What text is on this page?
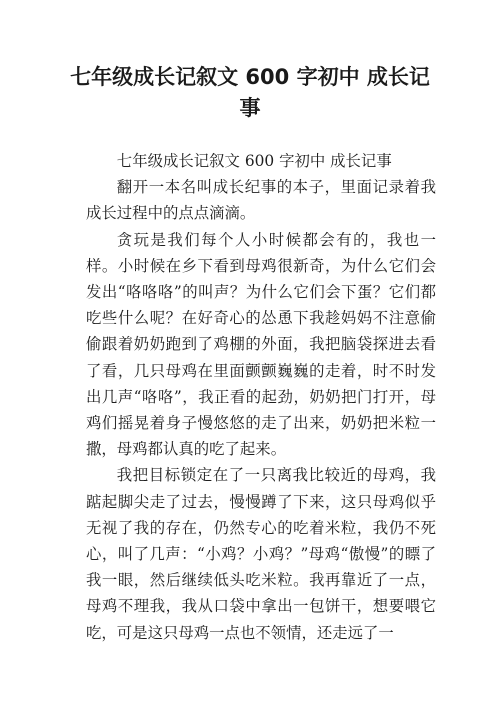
七年级成长记叙文 600 字初中 成长记事

七年级成长记叙文 600 字初中 成长记事

翻开一本名叫成长纪事的本子，里面记录着我成长过程中的点点滴滴。

贪玩是我们每个人小时候都会有的，我也一样。小时候在乡下看到母鸡很新奇，为什么它们会发出“咯咯咯”的叫声？为什么它们会下蛋？它们都吃些什么呢？在好奇心的怂恿下我趁妈妈不注意偷偷跟着奶奶跑到了鸡棚的外面，我把脑袋探进去看了看，几只母鸡在里面颤颤巍巍的走着，时不时发出几声“咯咯”，我正看的起劲，奶奶把门打开，母鸡们摇晃着身子慢悠悠的走了出来，奶奶把米粒一撒，母鸡都认真的吃了起来。

我把目标锁定在了一只离我比较近的母鸡，我踮起脚尖走了过去，慢慢蹲了下来，这只母鸡似乎无视了我的存在，仍然专心的吃着米粒，我仍不死心，叫了几声：“小鸡？小鸡？”母鸡“傲慢”的瞟了我一眼，然后继续低头吃米粒。我再靠近了一点，母鸡不理我，我从口袋中拿出一包饼干，想要喂它吃，可是这只母鸡一点也不领情，还走远了一
